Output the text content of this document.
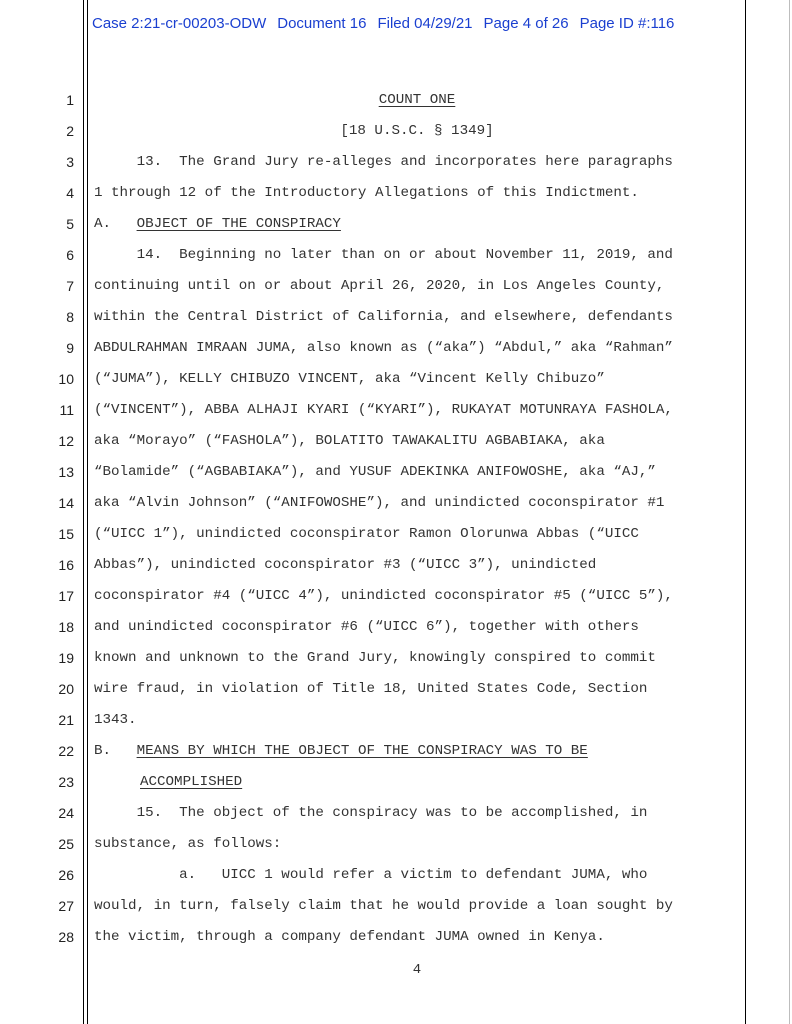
Case 2:21-cr-00203-ODW Document 16 Filed 04/29/21 Page 4 of 26 Page ID #:116
1
2
3
4
5
6
7
8
9
10
11
12
13
14
15
16
17
18
19
20
21
22
23
24
25
26
27
28
COUNT ONE
[18 U.S.C. § 1349]
13.  The Grand Jury re-alleges and incorporates here paragraphs
1 through 12 of the Introductory Allegations of this Indictment.
A.   OBJECT OF THE CONSPIRACY
14.  Beginning no later than on or about November 11, 2019, and
continuing until on or about April 26, 2020, in Los Angeles County,
within the Central District of California, and elsewhere, defendants
ABDULRAHMAN IMRAAN JUMA, also known as (“aka”) “Abdul,” aka “Rahman”
(“JUMA”), KELLY CHIBUZO VINCENT, aka “Vincent Kelly Chibuzo”
(“VINCENT”), ABBA ALHAJI KYARI (“KYARI”), RUKAYAT MOTUNRAYA FASHOLA,
aka “Morayo” (“FASHOLA”), BOLATITO TAWAKALITU AGBABIAKA, aka
“Bolamide” (“AGBABIAKA”), and YUSUF ADEKINKA ANIFOWOSHE, aka “AJ,”
aka “Alvin Johnson” (“ANIFOWOSHE”), and unindicted coconspirator #1
(“UICC 1”), unindicted coconspirator Ramon Olorunwa Abbas (“UICC
Abbas”), unindicted coconspirator #3 (“UICC 3”), unindicted
coconspirator #4 (“UICC 4”), unindicted coconspirator #5 (“UICC 5”),
and unindicted coconspirator #6 (“UICC 6”), together with others
known and unknown to the Grand Jury, knowingly conspired to commit
wire fraud, in violation of Title 18, United States Code, Section
1343.
B.   MEANS BY WHICH THE OBJECT OF THE CONSPIRACY WAS TO BE
ACCOMPLISHED
15.  The object of the conspiracy was to be accomplished, in
substance, as follows:
a.   UICC 1 would refer a victim to defendant JUMA, who
would, in turn, falsely claim that he would provide a loan sought by
the victim, through a company defendant JUMA owned in Kenya.
4
